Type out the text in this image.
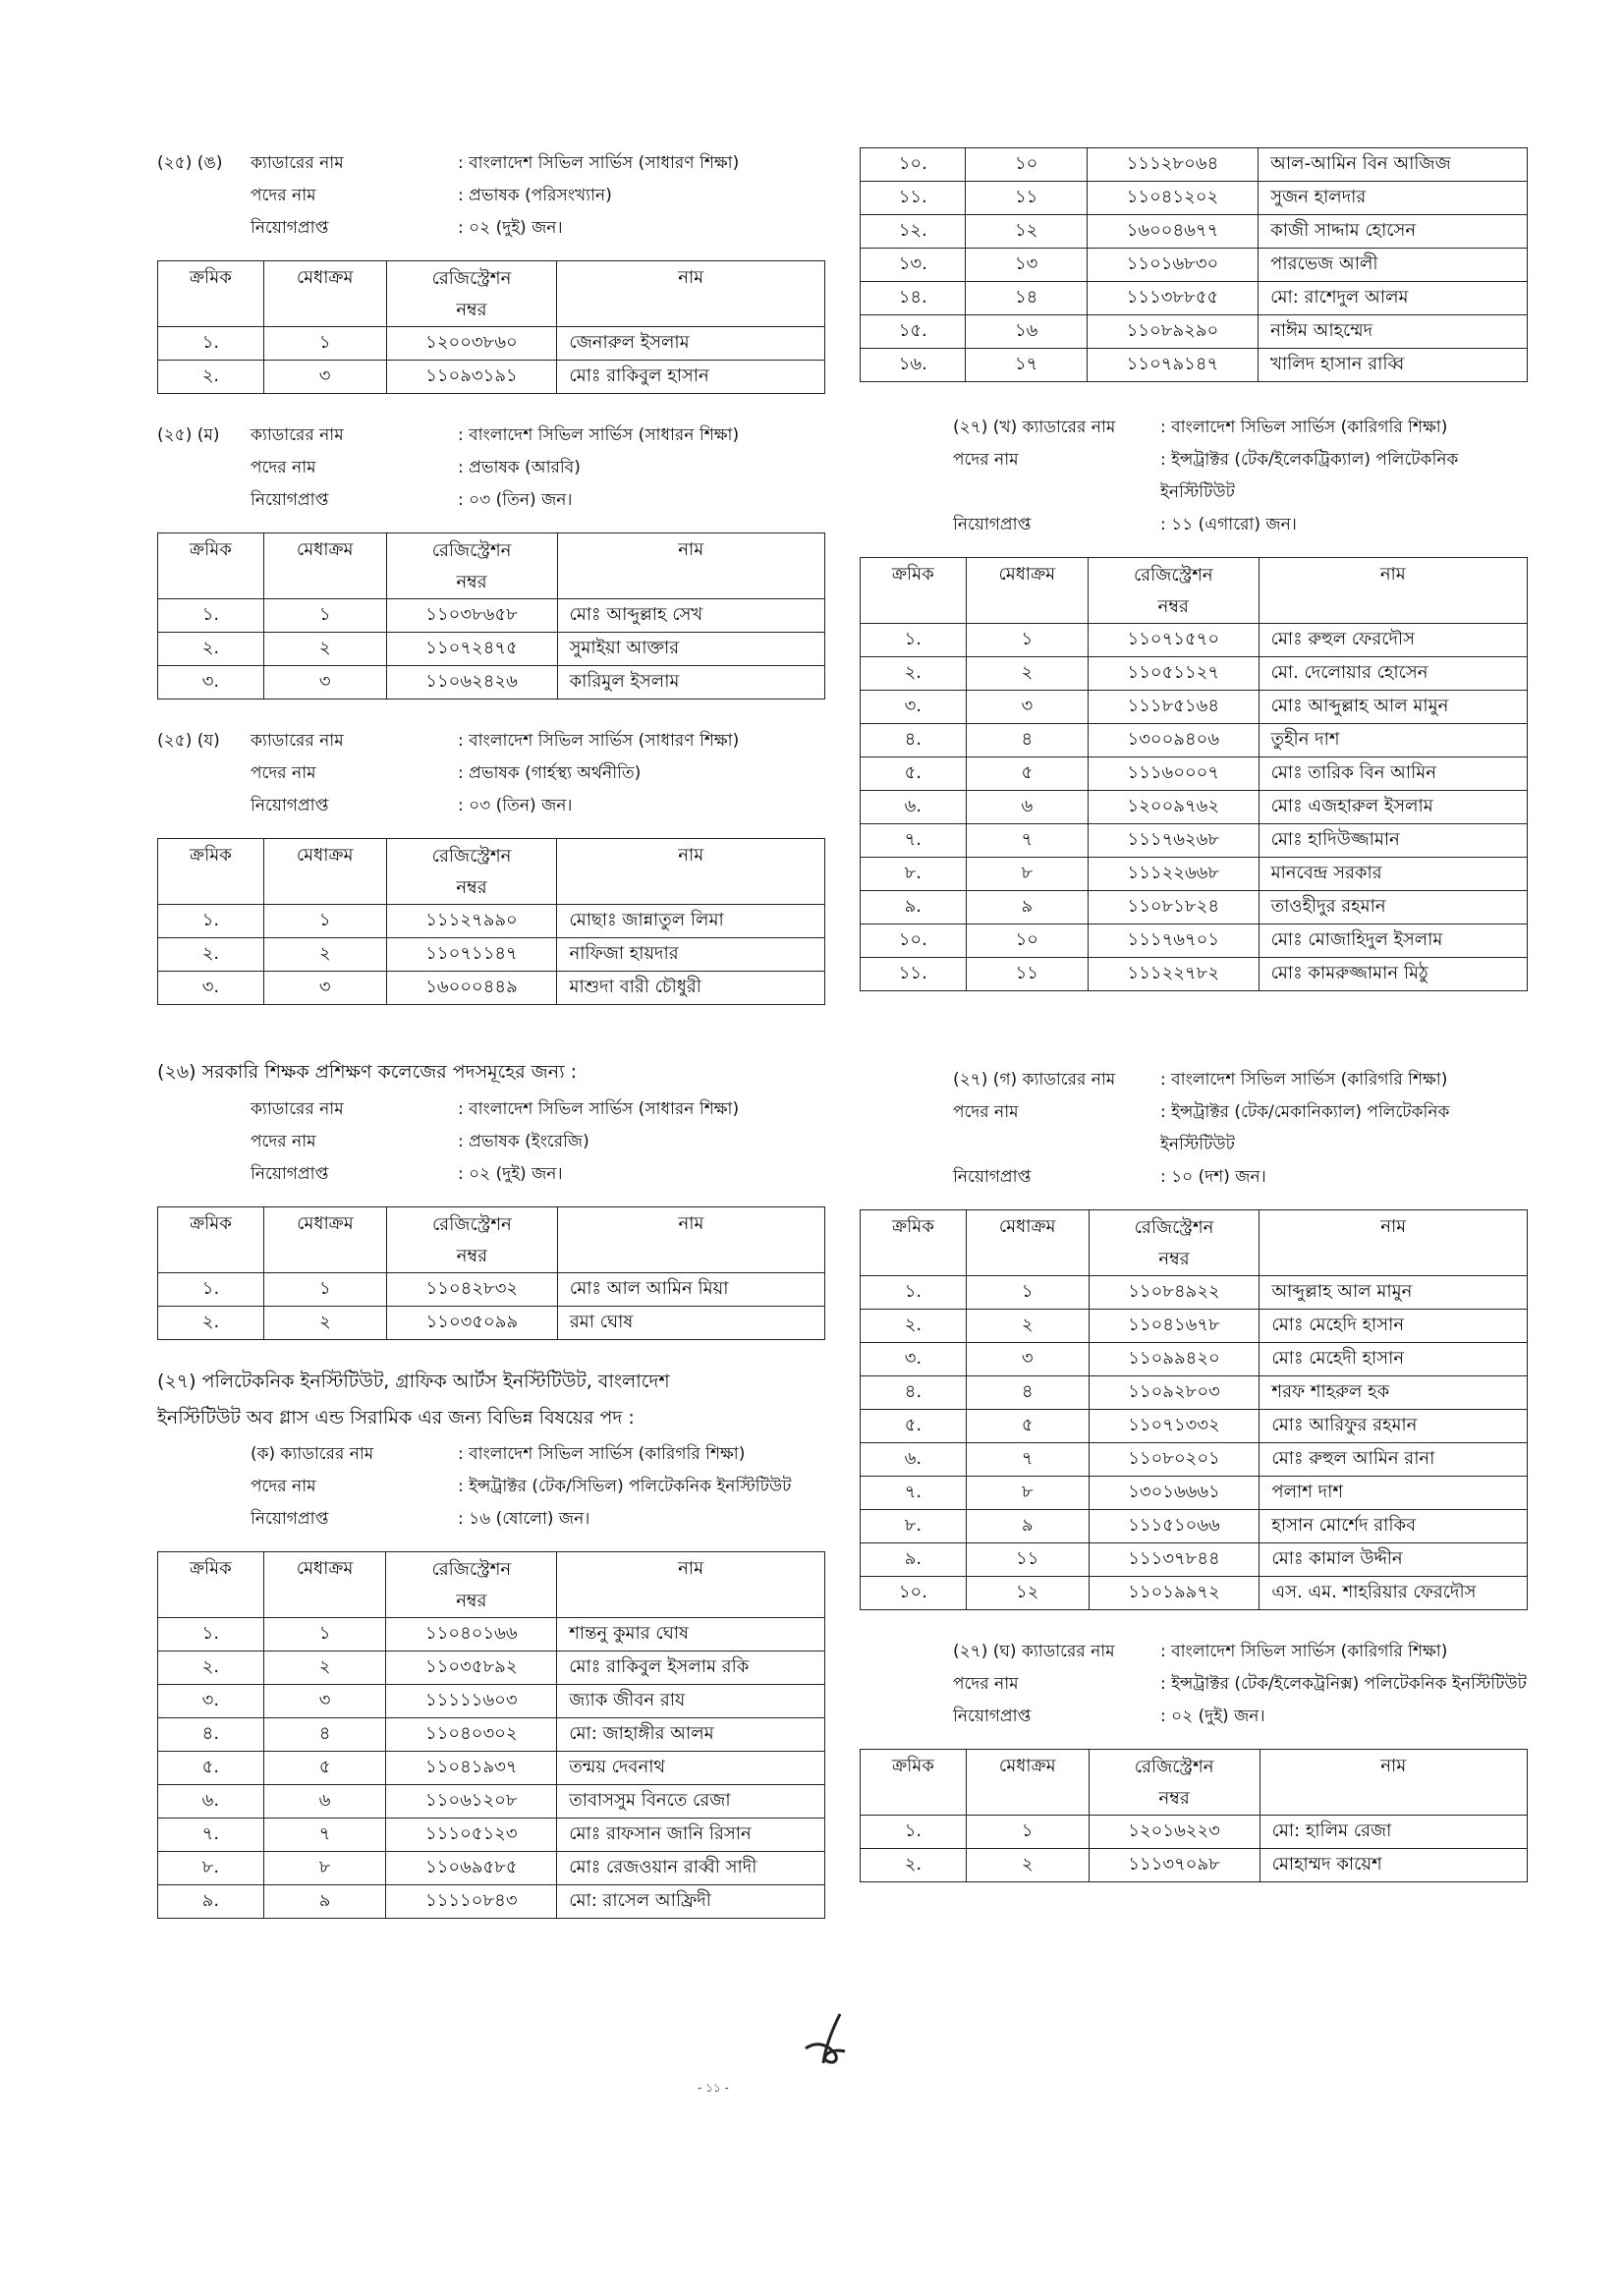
(২৫) (ঙ)	ক্যাডারের নাম	: বাংলাদেশ সিভিল সার্ভিস (সাধারণ শিক্ষা)
পদের নাম	: প্রভাষক (পরিসংখ্যান)
নিয়োগপ্রাপ্ত	: ০২ (দুই) জন।
ক্রমিক	মেধাক্রম	রেজিস্ট্রেশন
নম্বর	নাম
১.	১	১২০০৩৮৬০	জেনারুল ইসলাম
২.	৩	১১০৯৩১৯১	মোঃ রাকিবুল হাসান
(২৫) (ম)	ক্যাডারের নাম	: বাংলাদেশ সিভিল সার্ভিস (সাধারন শিক্ষা)
পদের নাম	: প্রভাষক (আরবি)
নিয়োগপ্রাপ্ত	: ০৩ (তিন) জন।
ক্রমিক	মেধাক্রম	রেজিস্ট্রেশন
নম্বর	নাম
১.	১	১১০৩৮৬৫৮	মোঃ আব্দুল্লাহ সেখ
২.	২	১১০৭২৪৭৫	সুমাইয়া আক্তার
৩.	৩	১১০৬২৪২৬	কারিমুল ইসলাম
(২৫) (য)	ক্যাডারের নাম	: বাংলাদেশ সিভিল সার্ভিস (সাধারণ শিক্ষা)
পদের নাম	: প্রভাষক (গার্হস্থ্য অর্থনীতি)
নিয়োগপ্রাপ্ত	: ০৩ (তিন) জন।
ক্রমিক	মেধাক্রম	রেজিস্ট্রেশন
নম্বর	নাম
১.	১	১১১২৭৯৯০	মোছাঃ জান্নাতুল লিমা
২.	২	১১০৭১১৪৭	নাফিজা হায়দার
৩.	৩	১৬০০০৪৪৯	মাশুদা বারী চৌধুরী
(২৬) সরকারি শিক্ষক প্রশিক্ষণ কলেজের পদসমূহের জন্য :
ক্যাডারের নাম	: বাংলাদেশ সিভিল সার্ভিস (সাধারন শিক্ষা)
পদের নাম	: প্রভাষক (ইংরেজি)
নিয়োগপ্রাপ্ত	: ০২ (দুই) জন।
ক্রমিক	মেধাক্রম	রেজিস্ট্রেশন
নম্বর	নাম
১.	১	১১০৪২৮৩২	মোঃ আল আমিন মিয়া
২.	২	১১০৩৫০৯৯	রমা ঘোষ
(২৭) পলিটেকনিক ইনস্টিটিউট, গ্রাফিক আর্টস ইনস্টিটিউট, বাংলাদেশ
ইনস্টিটিউট অব গ্লাস এন্ড সিরামিক এর জন্য বিভিন্ন বিষয়ের পদ :
(ক) ক্যাডারের নাম	: বাংলাদেশ সিভিল সার্ভিস (কারিগরি শিক্ষা)
পদের নাম	: ইন্সট্রাক্টর (টেক/সিভিল) পলিটেকনিক ইনস্টিটিউট
নিয়োগপ্রাপ্ত	: ১৬ (ষোলো) জন।
ক্রমিক	মেধাক্রম	রেজিস্ট্রেশন
নম্বর	নাম
১.	১	১১০৪০১৬৬	শান্তনু কুমার ঘোষ
২.	২	১১০৩৫৮৯২	মোঃ রাকিবুল ইসলাম রকি
৩.	৩	১১১১১৬০৩	জ্যাক জীবন রায
৪.	৪	১১০৪০৩০২	মো: জাহাঙ্গীর আলম
৫.	৫	১১০৪১৯৩৭	তন্ময় দেবনাথ
৬.	৬	১১০৬১২০৮	তাবাসসুম বিনতে রেজা
৭.	৭	১১১০৫১২৩	মোঃ রাফসান জানি রিসান
৮.	৮	১১০৬৯৫৮৫	মোঃ রেজওয়ান রাব্বী সাদী
৯.	৯	১১১১০৮৪৩	মো: রাসেল আফ্রিদী
১০.	১০	১১১২৮০৬৪	আল-আমিন বিন আজিজ
১১.	১১	১১০৪১২০২	সুজন হালদার
১২.	১২	১৬০০৪৬৭৭	কাজী সাদ্দাম হোসেন
১৩.	১৩	১১০১৬৮৩০	পারভেজ আলী
১৪.	১৪	১১১৩৮৮৫৫	মো: রাশেদুল আলম
১৫.	১৬	১১০৮৯২৯০	নাঈম আহম্মেদ
১৬.	১৭	১১০৭৯১৪৭	খালিদ হাসান রাব্বি
(২৭) (খ) ক্যাডারের নাম	: বাংলাদেশ সিভিল সার্ভিস (কারিগরি শিক্ষা)
পদের নাম	: ইন্সট্রাক্টর (টেক/ইলেকট্রিক্যাল) পলিটেকনিক ইনস্টিটিউট
নিয়োগপ্রাপ্ত	: ১১ (এগারো) জন।
ক্রমিক	মেধাক্রম	রেজিস্ট্রেশন
নম্বর	নাম
১.	১	১১০৭১৫৭০	মোঃ রুহুল ফেরদৌস
২.	২	১১০৫১১২৭	মো. দেলোয়ার হোসেন
৩.	৩	১১১৮৫১৬৪	মোঃ আব্দুল্লাহ আল মামুন
৪.	৪	১৩০০৯৪০৬	তুহীন দাশ
৫.	৫	১১১৬০০০৭	মোঃ তারিক বিন আমিন
৬.	৬	১২০০৯৭৬২	মোঃ এজহারুল ইসলাম
৭.	৭	১১১৭৬২৬৮	মোঃ হাদিউজ্জামান
৮.	৮	১১১২২৬৬৮	মানবেন্দ্র সরকার
৯.	৯	১১০৮১৮২৪	তাওহীদুর রহমান
১০.	১০	১১১৭৬৭০১	মোঃ মোজাহিদুল ইসলাম
১১.	১১	১১১২২৭৮২	মোঃ কামরুজ্জামান মিঠু
(২৭) (গ) ক্যাডারের নাম	: বাংলাদেশ সিভিল সার্ভিস (কারিগরি শিক্ষা)
পদের নাম	: ইন্সট্রাক্টর (টেক/মেকানিক্যাল) পলিটেকনিক ইনস্টিটিউট
নিয়োগপ্রাপ্ত	: ১০ (দশ) জন।
ক্রমিক	মেধাক্রম	রেজিস্ট্রেশন
নম্বর	নাম
১.	১	১১০৮৪৯২২	আব্দুল্লাহ আল মামুন
২.	২	১১০৪১৬৭৮	মোঃ মেহেদি হাসান
৩.	৩	১১০৯৯৪২০	মোঃ মেহেদী হাসান
৪.	৪	১১০৯২৮০৩	শরফ শাহরুল হক
৫.	৫	১১০৭১৩৩২	মোঃ আরিফুর রহমান
৬.	৭	১১০৮০২০১	মোঃ রুহুল আমিন রানা
৭.	৮	১৩০১৬৬৬১	পলাশ দাশ
৮.	৯	১১১৫১০৬৬	হাসান মোর্শেদ রাকিব
৯.	১১	১১১৩৭৮৪৪	মোঃ কামাল উদ্দীন
১০.	১২	১১০১৯৯৭২	এস. এম. শাহরিয়ার ফেরদৌস
(২৭) (ঘ) ক্যাডারের নাম	: বাংলাদেশ সিভিল সার্ভিস (কারিগরি শিক্ষা)
পদের নাম	: ইন্সট্রাক্টর (টেক/ইলেকট্রনিক্স) পলিটেকনিক ইনস্টিটিউট
নিয়োগপ্রাপ্ত	: ০২ (দুই) জন।
ক্রমিক	মেধাক্রম	রেজিস্ট্রেশন
নম্বর	নাম
১.	১	১২০১৬২২৩	মো: হালিম রেজা
২.	২	১১১৩৭০৯৮	মোহাম্মদ কায়েশ
- ১১ -
